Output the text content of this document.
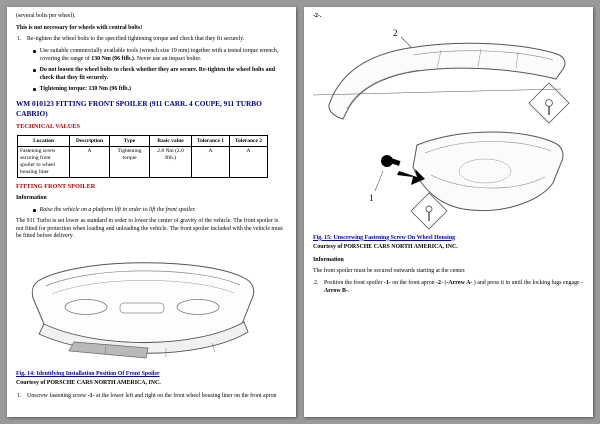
(several bolts per wheel).

This is not necessary for wheels with central bolts!

1. Re-tighten the wheel bolts to the specified tightening torque and check that they fit securely.
Use suitable commercially available tools (wrench size 19 mm) together with a tested torque wrench, covering the range of 130 Nm (96 ftlb.). Never use an impact bolter.
Do not loosen the wheel bolts to check whether they are secure. Re-tighten the wheel bolts and check that they fit securely.
Tightening torque: 130 Nm (96 ftlb.)

WM 010123 FITTING FRONT SPOILER (911 CARR. 4 COUPE, 911 TURBO CABRIO)

TECHNICAL VALUES

Location	Description	Type	Basic value	Tolerance 1	Tolerance 2
Fastening screw securing front spoiler to wheel housing liner	A	Tightening torque	2.8 Nm (2.0 ftlb.)	A	A

FITTING FRONT SPOILER

Information

Raise the vehicle on a platform lift in order to lift the front spoiler.

The 911 Turbo is set lower as standard in order to lower the center of gravity of the vehicle. The front spoiler is not fitted for protection when loading and unloading the vehicle. The front spoiler included with the vehicle must be fitted before delivery.

Fig. 14: Identifying Installation Position Of Front Spoiler

Courtesy of PORSCHE CARS NORTH AMERICA, INC.

1. Unscrew fastening screw -1- at the lower left and right on the front wheel housing liner on the front apron

-2-.

2
1

Fig. 15: Unscrewing Fastening Screw On Wheel Housing

Courtesy of PORSCHE CARS NORTH AMERICA, INC.

Information

The front spoiler must be secured outwards starting at the center.

2. Position the front spoiler -1- on the front apron -2- (-Arrow A- ) and press it in until the locking lugs engage -Arrow B-.
